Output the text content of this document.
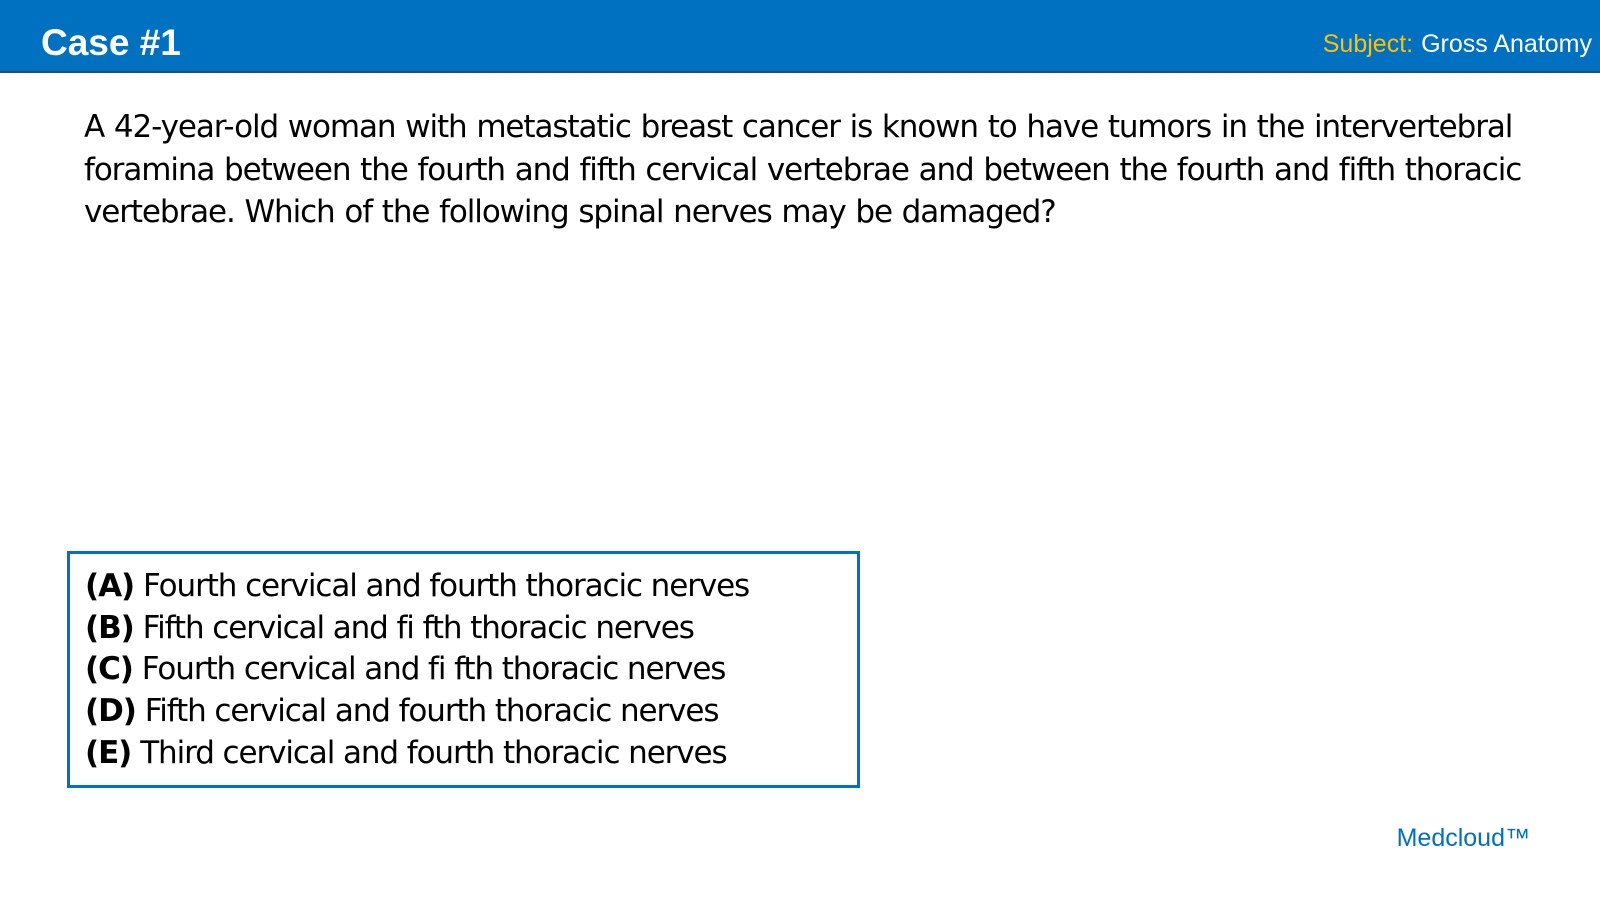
Case #1	Subject: Gross Anatomy
A 42-year-old woman with metastatic breast cancer is known to have tumors in the intervertebral foramina between the fourth and fifth cervical vertebrae and between the fourth and fifth thoracic vertebrae. Which of the following spinal nerves may be damaged?
(A) Fourth cervical and fourth thoracic nerves
(B) Fifth cervical and fi fth thoracic nerves
(C) Fourth cervical and fi fth thoracic nerves
(D) Fifth cervical and fourth thoracic nerves
(E) Third cervical and fourth thoracic nerves
Medcloud™
